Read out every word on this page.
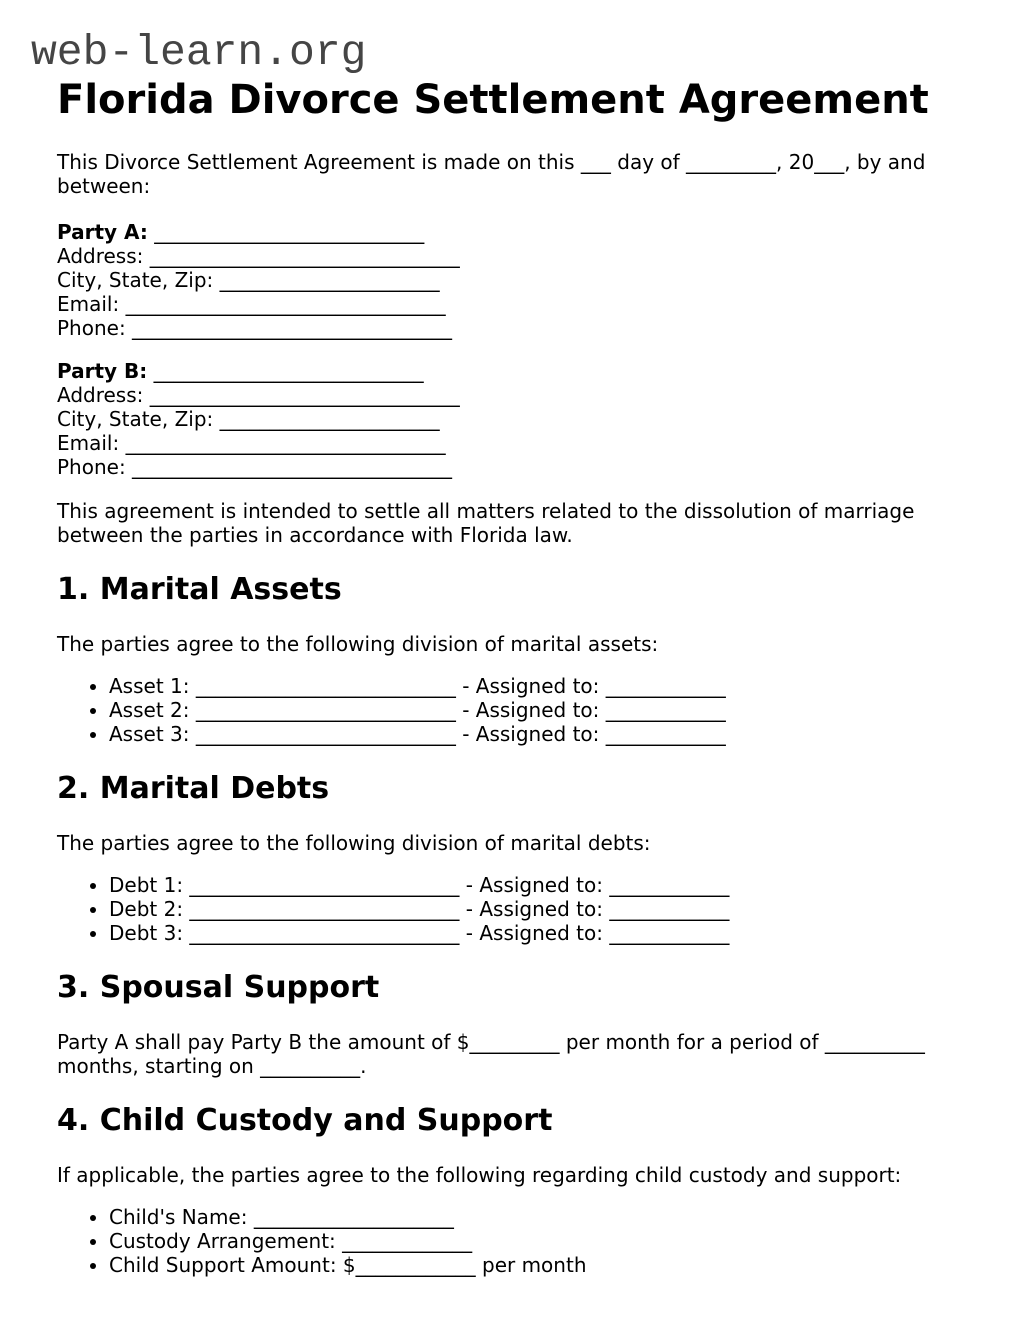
web-learn.org
Florida Divorce Settlement Agreement

This Divorce Settlement Agreement is made on this ___ day of _________, 20___, by and between:

Party A: ___________________________
Address: _______________________________
City, State, Zip: ______________________
Email: ________________________________
Phone: ________________________________

Party B: ___________________________
Address: _______________________________
City, State, Zip: ______________________
Email: ________________________________
Phone: ________________________________

This agreement is intended to settle all matters related to the dissolution of marriage between the parties in accordance with Florida law.

1. Marital Assets

The parties agree to the following division of marital assets:

• Asset 1: __________________________ - Assigned to: ____________
• Asset 2: __________________________ - Assigned to: ____________
• Asset 3: __________________________ - Assigned to: ____________
2. Marital Debts

The parties agree to the following division of marital debts:

• Debt 1: ___________________________ - Assigned to: ____________
• Debt 2: ___________________________ - Assigned to: ____________
• Debt 3: ___________________________ - Assigned to: ____________
3. Spousal Support

Party A shall pay Party B the amount of $_________ per month for a period of __________ months, starting on __________.

4. Child Custody and Support

If applicable, the parties agree to the following regarding child custody and support:

• Child's Name: ____________________
• Custody Arrangement: _____________
• Child Support Amount: $____________ per month
